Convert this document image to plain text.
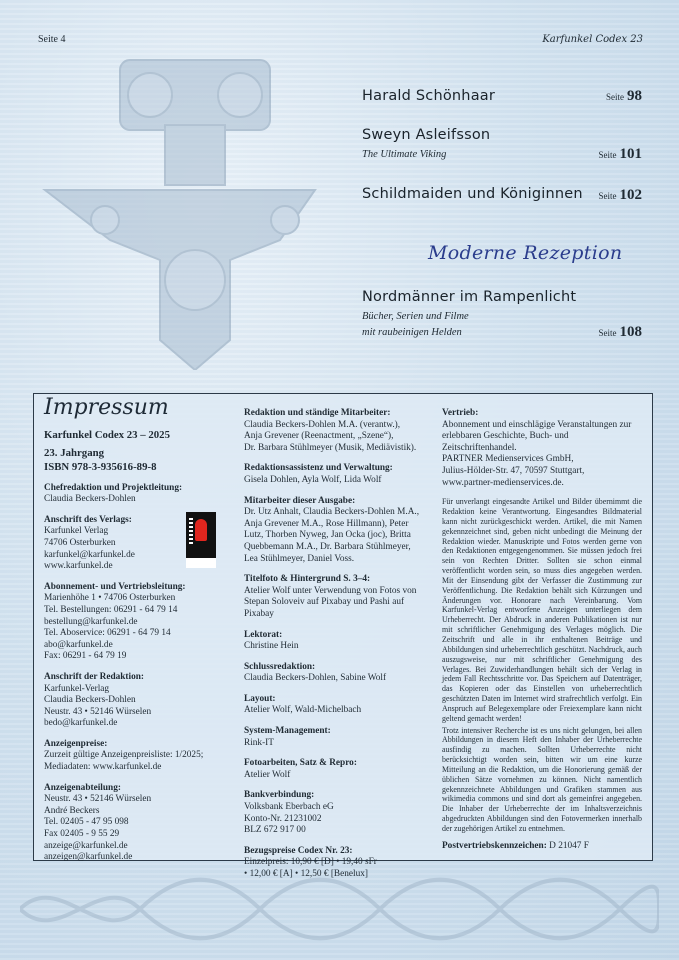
Seite 4	Karfunkel Codex 23
Harald Schönhaar	Seite 98
Sweyn Asleifsson
The Ultimate Viking	Seite 101
Schildmaiden und Königinnen	Seite 102
Moderne Rezeption
Nordmänner im Rampenlicht
Bücher, Serien und Filme
mit raubeinigen Helden	Seite 108
Impressum
Karfunkel Codex 23 – 2025
23. Jahrgang
ISBN 978-3-935616-89-8
Chefredaktion und Projektleitung:
Claudia Beckers-Dohlen
Anschrift des Verlags:
Karfunkel Verlag
74706 Osterburken
karfunkel@karfunkel.de
www.karfunkel.de
Abonnement- und Vertriebsleitung:
Marienhöhe 1 • 74706 Osterburken
Tel. Bestellungen: 06291 - 64 79 14
bestellung@karfunkel.de
Tel. Aboservice: 06291 - 64 79 14
abo@karfunkel.de
Fax: 06291 - 64 79 19
Anschrift der Redaktion:
Karfunkel-Verlag
Claudia Beckers-Dohlen
Neustr. 43 • 52146 Würselen
bedo@karfunkel.de
Anzeigenpreise:
Zurzeit gültige Anzeigenpreisliste: 1/2025;
Mediadaten: www.karfunkel.de
Anzeigenabteilung:
Neustr. 43 • 52146 Würselen
André Beckers
Tel. 02405 - 47 95 098
Fax 02405 - 9 55 29
anzeige@karfunkel.de
anzeigen@karfunkel.de
Redaktion und ständige Mitarbeiter:
Claudia Beckers-Dohlen M.A. (verantw.),
Anja Grevener (Reenactment, „Szene“),
Dr. Barbara Stühlmeyer (Musik, Mediävistik).
Redaktionsassistenz und Verwaltung:
Gisela Dohlen, Ayla Wolf, Lida Wolf
Mitarbeiter dieser Ausgabe:
Dr. Utz Anhalt, Claudia Beckers-Dohlen M.A.,
Anja Grevener M.A., Rose Hillmann), Peter
Lutz, Thorben Nyweg, Jan Ocka (joc), Britta
Quebbemann M.A., Dr. Barbara Stühlmeyer,
Lea Stühlmeyer, Daniel Voss.
Titelfoto & Hintergrund S. 3–4:
Atelier Wolf unter Verwendung von Fotos von
Stepan Soloveiv auf Pixabay und Pashi auf Pixabay
Lektorat:
Christine Hein
Schlussredaktion:
Claudia Beckers-Dohlen, Sabine Wolf
Layout:
Atelier Wolf, Wald-Michelbach
System-Management:
Rink-IT
Fotoarbeiten, Satz & Repro:
Atelier Wolf
Bankverbindung:
Volksbank Eberbach eG
Konto-Nr. 21231002
BLZ 672 917 00
Bezugspreise Codex Nr. 23:
Einzelpreis: 10,90 € [D] • 19,40 sFr
• 12,00 € [A] • 12,50 € [Benelux]
Vertrieb:
Abonnement und einschlägige Veranstaltungen zur
erlebbaren Geschichte, Buch- und Zeitschriftenhandel.
PARTNER Medienservices GmbH,
Julius-Hölder-Str. 47, 70597 Stuttgart,
www.partner-medienservices.de.
Für unverlangt eingesandte Artikel und Bilder übernimmt die Redaktion keine Verantwortung. Eingesandtes Bildmaterial kann nicht zurückgeschickt werden. Artikel, die mit Namen gekennzeichnet sind, geben nicht unbedingt die Meinung der Redaktion wieder. Manuskripte und Fotos werden gerne von den Redaktionen entgegengenommen. Sie müssen jedoch frei sein von Rechten Dritter. Sollten sie schon einmal veröffentlicht worden sein, so muss dies angegeben werden. Mit der Einsendung gibt der Verfasser die Zustimmung zur Veröffentlichung. Die Redaktion behält sich Kürzungen und Änderungen vor. Honorare nach Vereinbarung. Vom Karfunkel-Verlag entworfene Anzeigen unterliegen dem Urheberrecht. Der Abdruck in anderen Publikationen ist nur mit schriftlicher Genehmigung des Verlages möglich. Die Zeitschrift und alle in ihr enthaltenen Beiträge und Abbildungen sind urheberrechtlich geschützt. Nachdruck, auch auszugsweise, nur mit schriftlicher Genehmigung des Verlages. Bei Zuwiderhandlungen behält sich der Verlag in jedem Fall Rechtsschritte vor. Das Speichern auf Datenträger, das Kopieren oder das Einstellen von urheberrechtlich geschützten Daten im Internet wird strafrechtlich verfolgt. Ein Anspruch auf Belegexemplare oder Freiexemplare kann nicht geltend gemacht werden!
Trotz intensiver Recherche ist es uns nicht gelungen, bei allen Abbildungen in diesem Heft den Inhaber der Urheberrechte ausfindig zu machen. Sollten Urheberrechte nicht berücksichtigt worden sein, bitten wir um eine kurze Mitteilung an die Redaktion, um die Honorierung gemäß der üblichen Sätze vornehmen zu können. Nicht namentlich gekennzeichnete Abbildungen und Grafiken stammen aus wikimedia commons und sind dort als gemeinfrei angegeben. Die Inhaber der Urheberrechte der im Inhaltsverzeichnis abgedruckten Abbildungen sind den Fotovermerken innerhalb der zugehörigen Artikel zu entnehmen.
Postvertriebskennzeichen: D 21047 F
